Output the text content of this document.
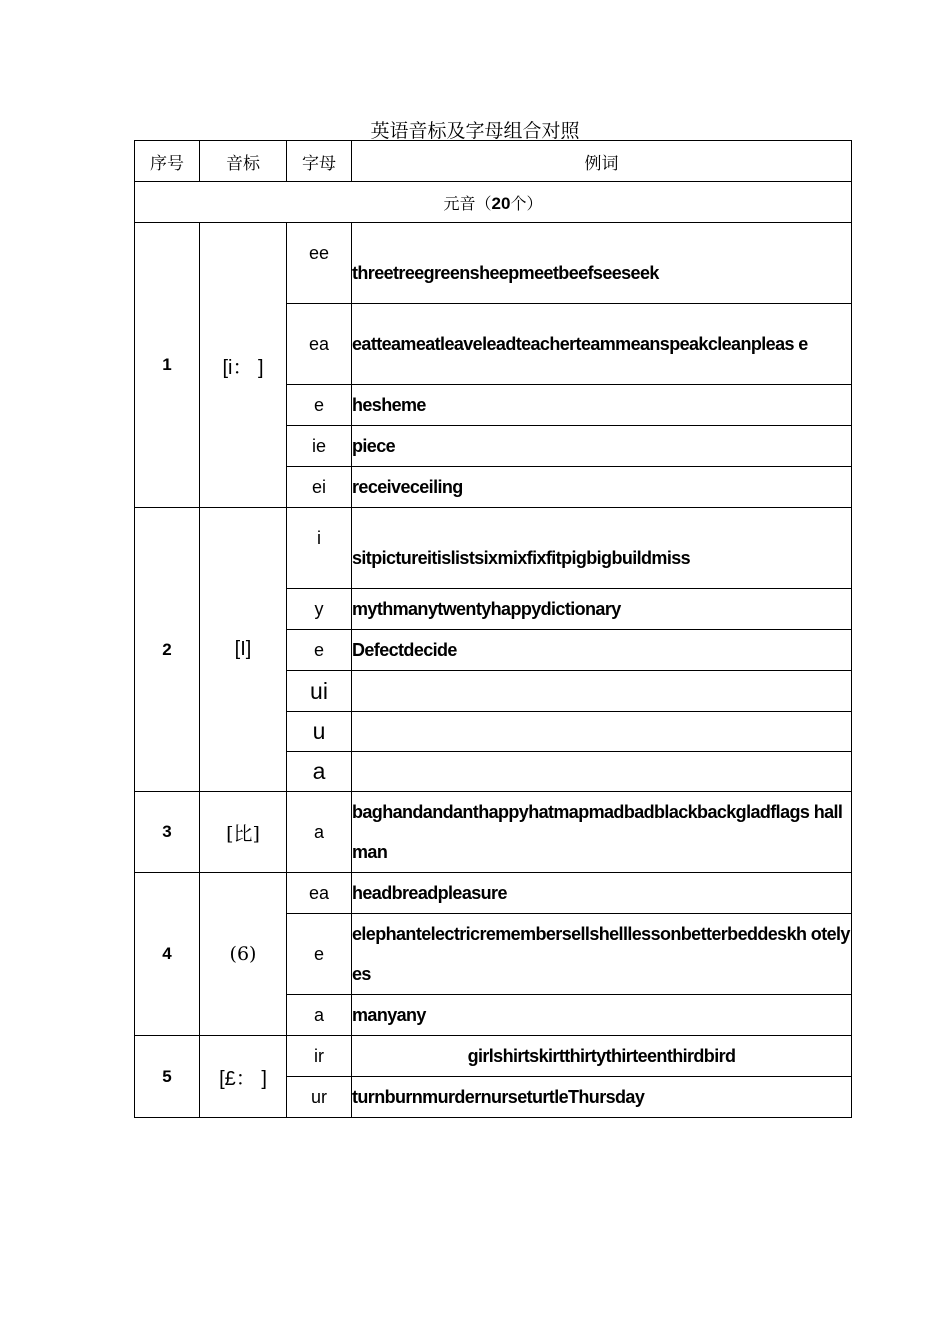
英语音标及字母组合对照
序号	音标	字母	例词
元音（20个）			
1	[i： ]	ee	threetreegreensheepmeetbeefseeseek
		ea	eatteameatleaveleadteacherteammeanspeakcleanpleas e
		e	hesheme
		ie	piece
		ei	receiveceiling
2	[I]	i	sitpictureitislistsixmixfixfitpigbigbuildmiss
		y	mythmanytwentyhappydictionary
		e	Defectdecide
		ui	
		u	
		a	
3	[比]	a	baghandandanthappyhatmapmadbadblackbackgladflags hallman
4	(6)	ea	headbreadpleasure
		e	elephantelectricremembersellshelllessonbetterbeddeskh otelyes
		a	manyany
5	[£： ]	ir	girlshirtskirtthirtythirteenthirdbird
		ur	turnburnmurdernurseturtleThursday
